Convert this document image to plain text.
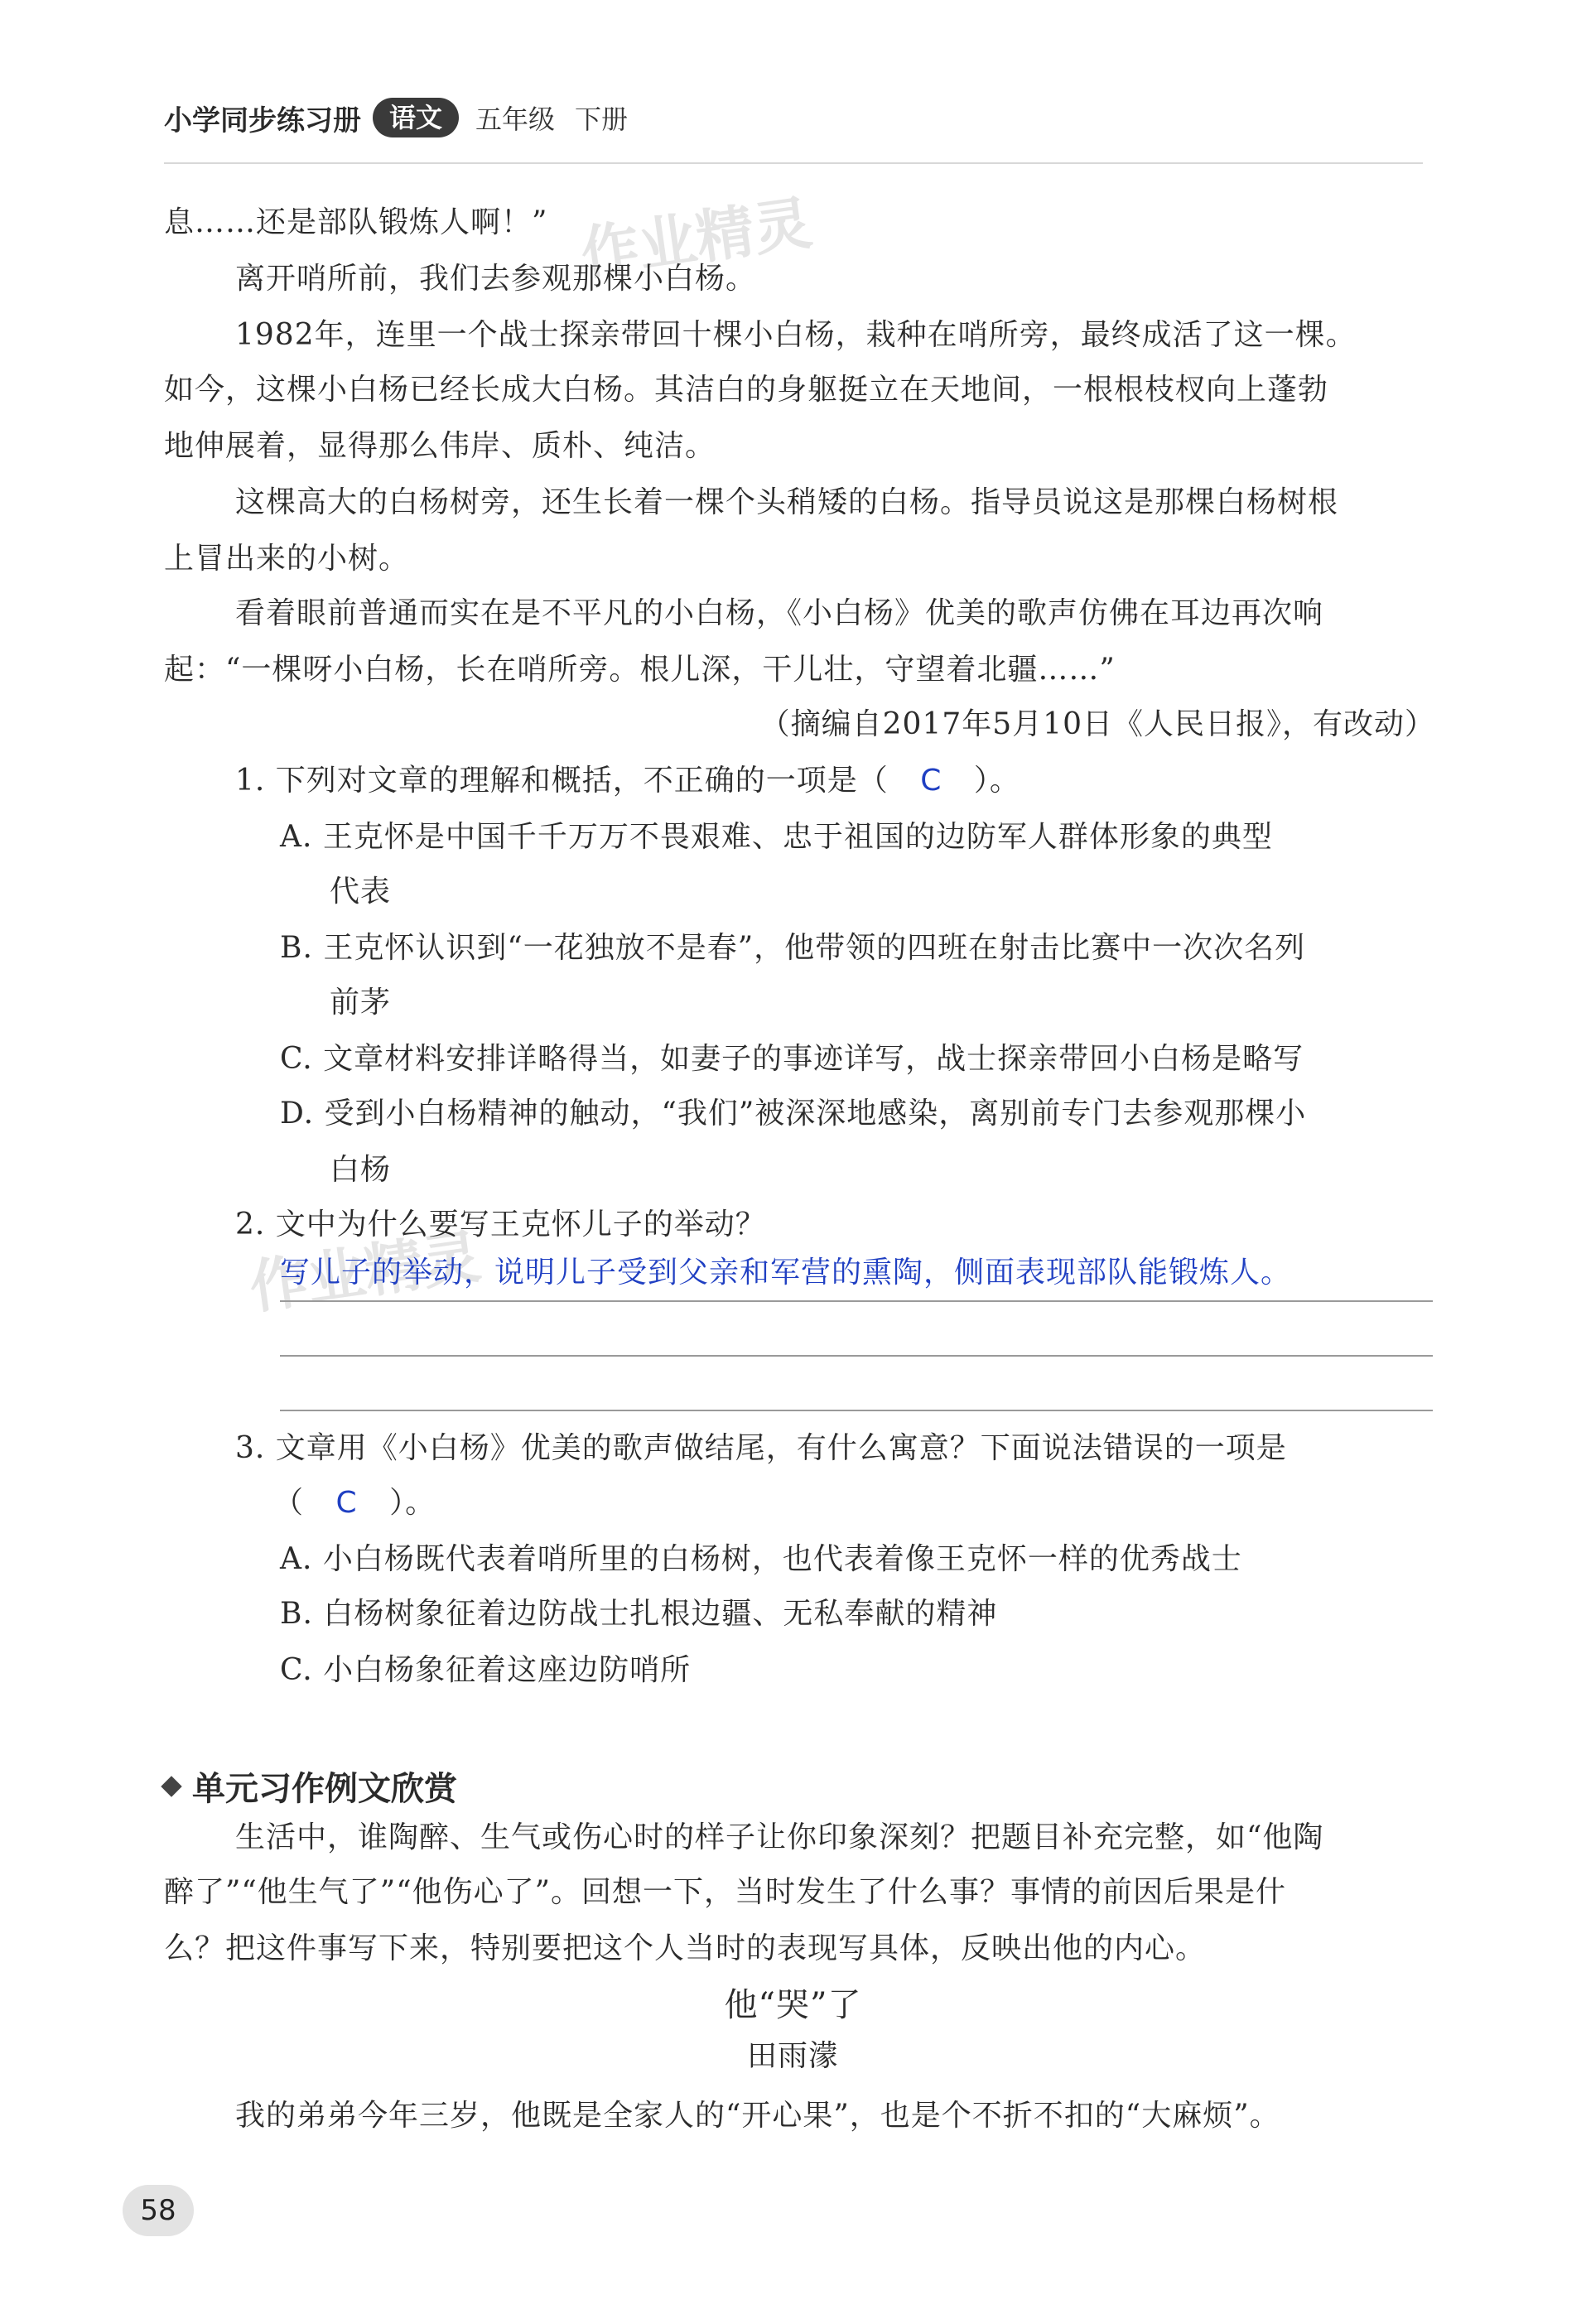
小学同步练习册	语文	五年级 下册
作业精灵
作业精灵
息……还是部队锻炼人啊！”
离开哨所前，我们去参观那棵小白杨。
1982年，连里一个战士探亲带回十棵小白杨，栽种在哨所旁，最终成活了这一棵。
如今，这棵小白杨已经长成大白杨。其洁白的身躯挺立在天地间，一根根枝杈向上蓬勃
地伸展着，显得那么伟岸、质朴、纯洁。
这棵高大的白杨树旁，还生长着一棵个头稍矮的白杨。指导员说这是那棵白杨树根
上冒出来的小树。
看着眼前普通而实在是不平凡的小白杨，《小白杨》优美的歌声仿佛在耳边再次响
起：“一棵呀小白杨，长在哨所旁。根儿深，干儿壮，守望着北疆……”
（摘编自2017年5月10日《人民日报》，有改动）
1. 下列对文章的理解和概括，不正确的一项是（ C ）。
A. 王克怀是中国千千万万不畏艰难、忠于祖国的边防军人群体形象的典型
代表
B. 王克怀认识到“一花独放不是春”，他带领的四班在射击比赛中一次次名列
前茅
C. 文章材料安排详略得当，如妻子的事迹详写，战士探亲带回小白杨是略写
D. 受到小白杨精神的触动，“我们”被深深地感染，离别前专门去参观那棵小
白杨
2. 文中为什么要写王克怀儿子的举动？
写儿子的举动，说明儿子受到父亲和军营的熏陶，侧面表现部队能锻炼人。
3. 文章用《小白杨》优美的歌声做结尾，有什么寓意？下面说法错误的一项是
（ C ）。
A. 小白杨既代表着哨所里的白杨树，也代表着像王克怀一样的优秀战士
B. 白杨树象征着边防战士扎根边疆、无私奉献的精神
C. 小白杨象征着这座边防哨所
单元习作例文欣赏
生活中，谁陶醉、生气或伤心时的样子让你印象深刻？把题目补充完整，如“他陶
醉了”“他生气了”“他伤心了”。回想一下，当时发生了什么事？事情的前因后果是什
么？把这件事写下来，特别要把这个人当时的表现写具体，反映出他的内心。
他“哭”了
田雨濛
我的弟弟今年三岁，他既是全家人的“开心果”，也是个不折不扣的“大麻烦”。
58
